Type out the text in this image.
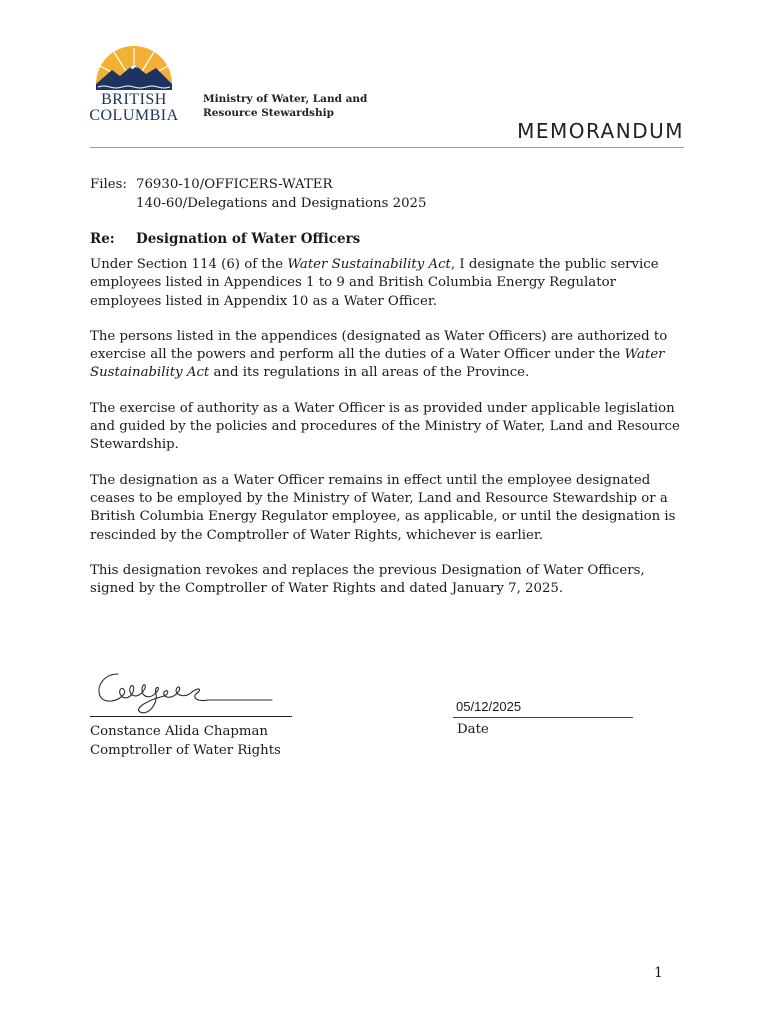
BRITISH
COLUMBIA
Ministry of Water, Land and
Resource Stewardship
MEMORANDUM
Files: 76930-10/OFFICERS-WATER
140-60/Delegations and Designations 2025
Re: Designation of Water Officers

Under Section 114 (6) of the Water Sustainability Act, I designate the public service employees listed in Appendices 1 to 9 and British Columbia Energy Regulator employees listed in Appendix 10 as a Water Officer.

The persons listed in the appendices (designated as Water Officers) are authorized to exercise all the powers and perform all the duties of a Water Officer under the Water Sustainability Act and its regulations in all areas of the Province.

The exercise of authority as a Water Officer is as provided under applicable legislation and guided by the policies and procedures of the Ministry of Water, Land and Resource Stewardship.

The designation as a Water Officer remains in effect until the employee designated ceases to be employed by the Ministry of Water, Land and Resource Stewardship or a British Columbia Energy Regulator employee, as applicable, or until the designation is rescinded by the Comptroller of Water Rights, whichever is earlier.

This designation revokes and replaces the previous Designation of Water Officers, signed by the Comptroller of Water Rights and dated January 7, 2025.

Constance Alida Chapman
Comptroller of Water Rights
05/12/2025
Date
1
